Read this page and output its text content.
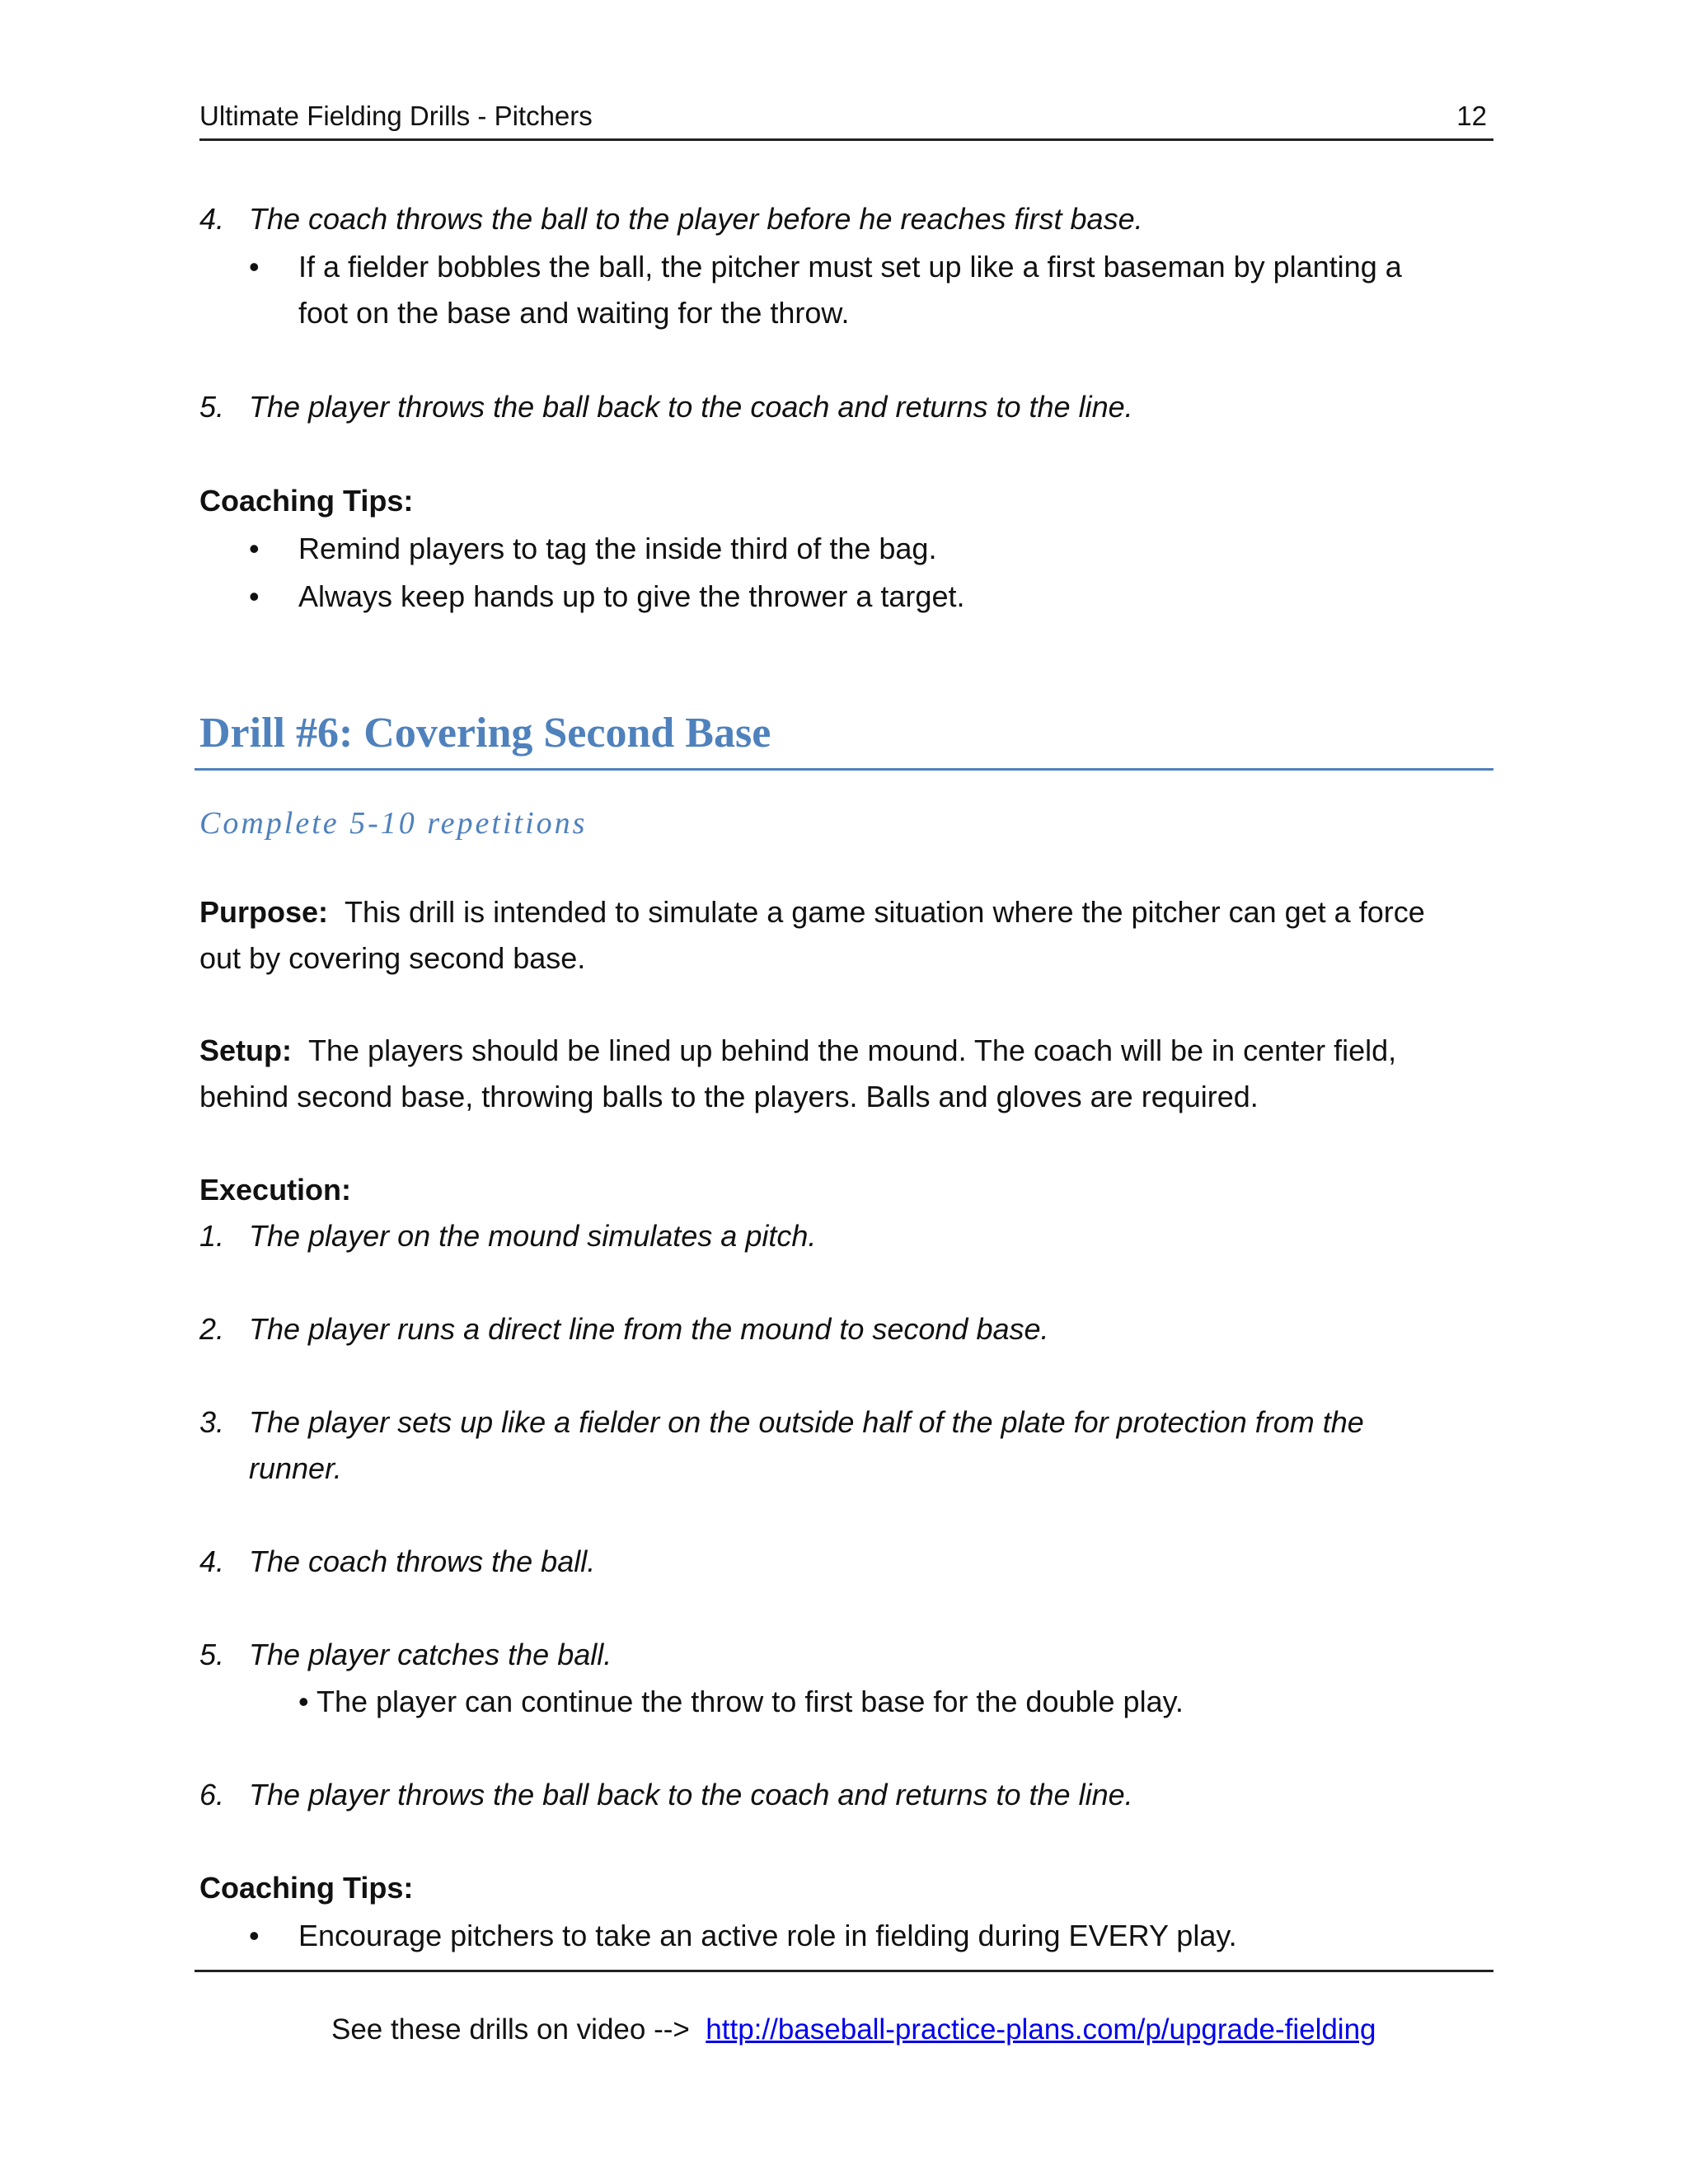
Ultimate Fielding Drills - Pitchers	12
4. The coach throws the ball to the player before he reaches first base.
• If a fielder bobbles the ball, the pitcher must set up like a first baseman by planting a
foot on the base and waiting for the throw.
5. The player throws the ball back to the coach and returns to the line.
Coaching Tips:
• Remind players to tag the inside third of the bag.
• Always keep hands up to give the thrower a target.
Drill #6: Covering Second Base
Complete 5-10 repetitions
Purpose: This drill is intended to simulate a game situation where the pitcher can get a force
out by covering second base.
Setup: The players should be lined up behind the mound. The coach will be in center field,
behind second base, throwing balls to the players. Balls and gloves are required.
Execution:
1. The player on the mound simulates a pitch.
2. The player runs a direct line from the mound to second base.
3. The player sets up like a fielder on the outside half of the plate for protection from the
runner.
4. The coach throws the ball.
5. The player catches the ball.
• The player can continue the throw to first base for the double play.
6. The player throws the ball back to the coach and returns to the line.
Coaching Tips:
• Encourage pitchers to take an active role in fielding during EVERY play.
See these drills on video --> http://baseball-practice-plans.com/p/upgrade-fielding
